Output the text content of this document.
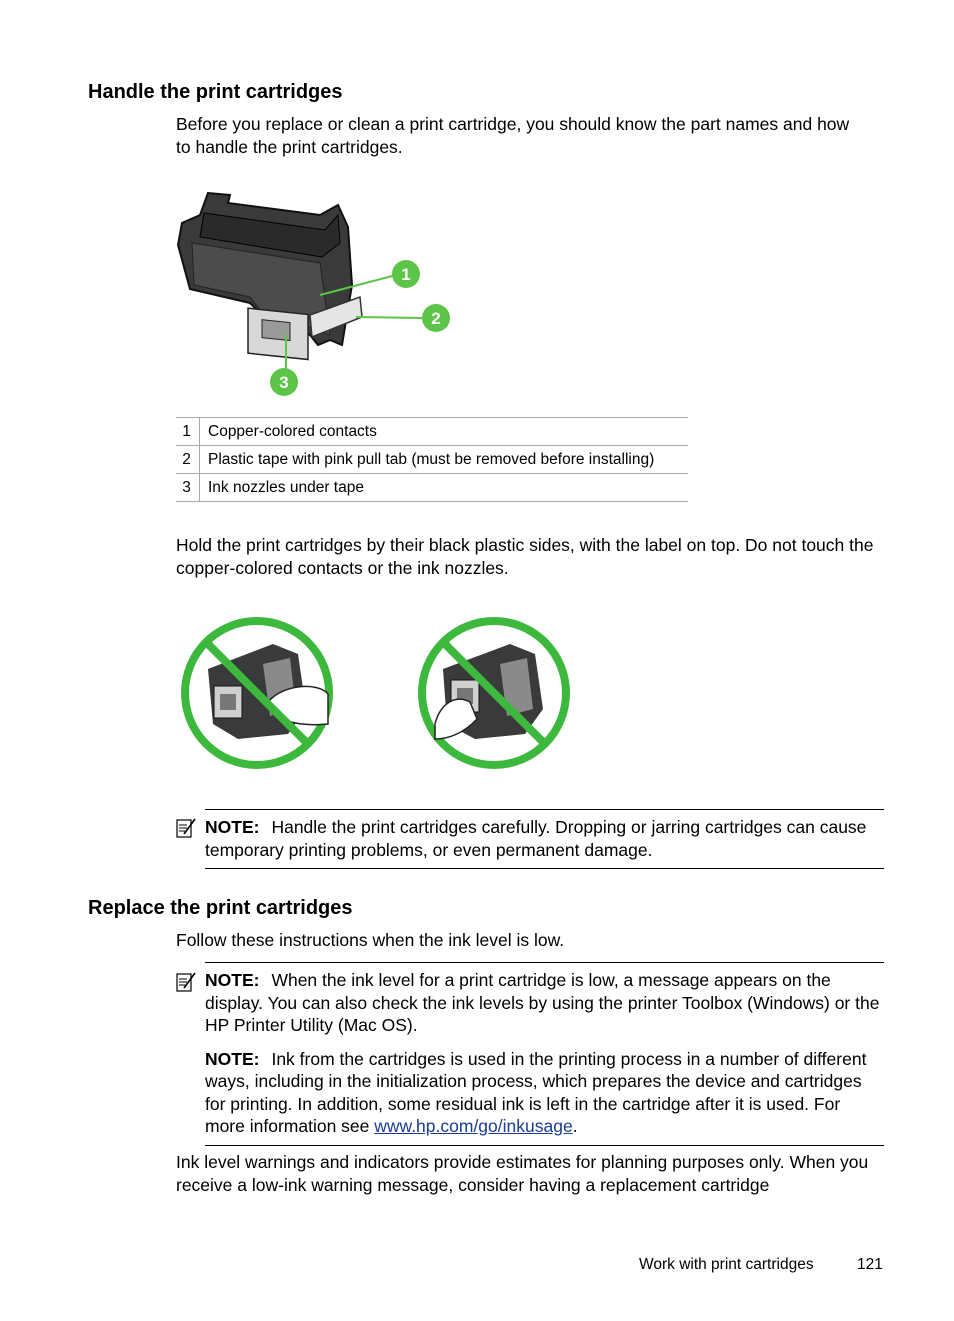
Handle the print cartridges

Before you replace or clean a print cartridge, you should know the part names and how to handle the print cartridges.

1
2
3
1	Copper-colored contacts
2	Plastic tape with pink pull tab (must be removed before installing)
3	Ink nozzles under tape

Hold the print cartridges by their black plastic sides, with the label on top. Do not touch the copper-colored contacts or the ink nozzles.

NOTE: Handle the print cartridges carefully. Dropping or jarring cartridges can cause temporary printing problems, or even permanent damage.

Replace the print cartridges

Follow these instructions when the ink level is low.

NOTE: When the ink level for a print cartridge is low, a message appears on the display. You can also check the ink levels by using the printer Toolbox (Windows) or the HP Printer Utility (Mac OS).

NOTE: Ink from the cartridges is used in the printing process in a number of different ways, including in the initialization process, which prepares the device and cartridges for printing. In addition, some residual ink is left in the cartridge after it is used. For more information see www.hp.com/go/inkusage.

Ink level warnings and indicators provide estimates for planning purposes only. When you receive a low-ink warning message, consider having a replacement cartridge

Work with print cartridges	121
